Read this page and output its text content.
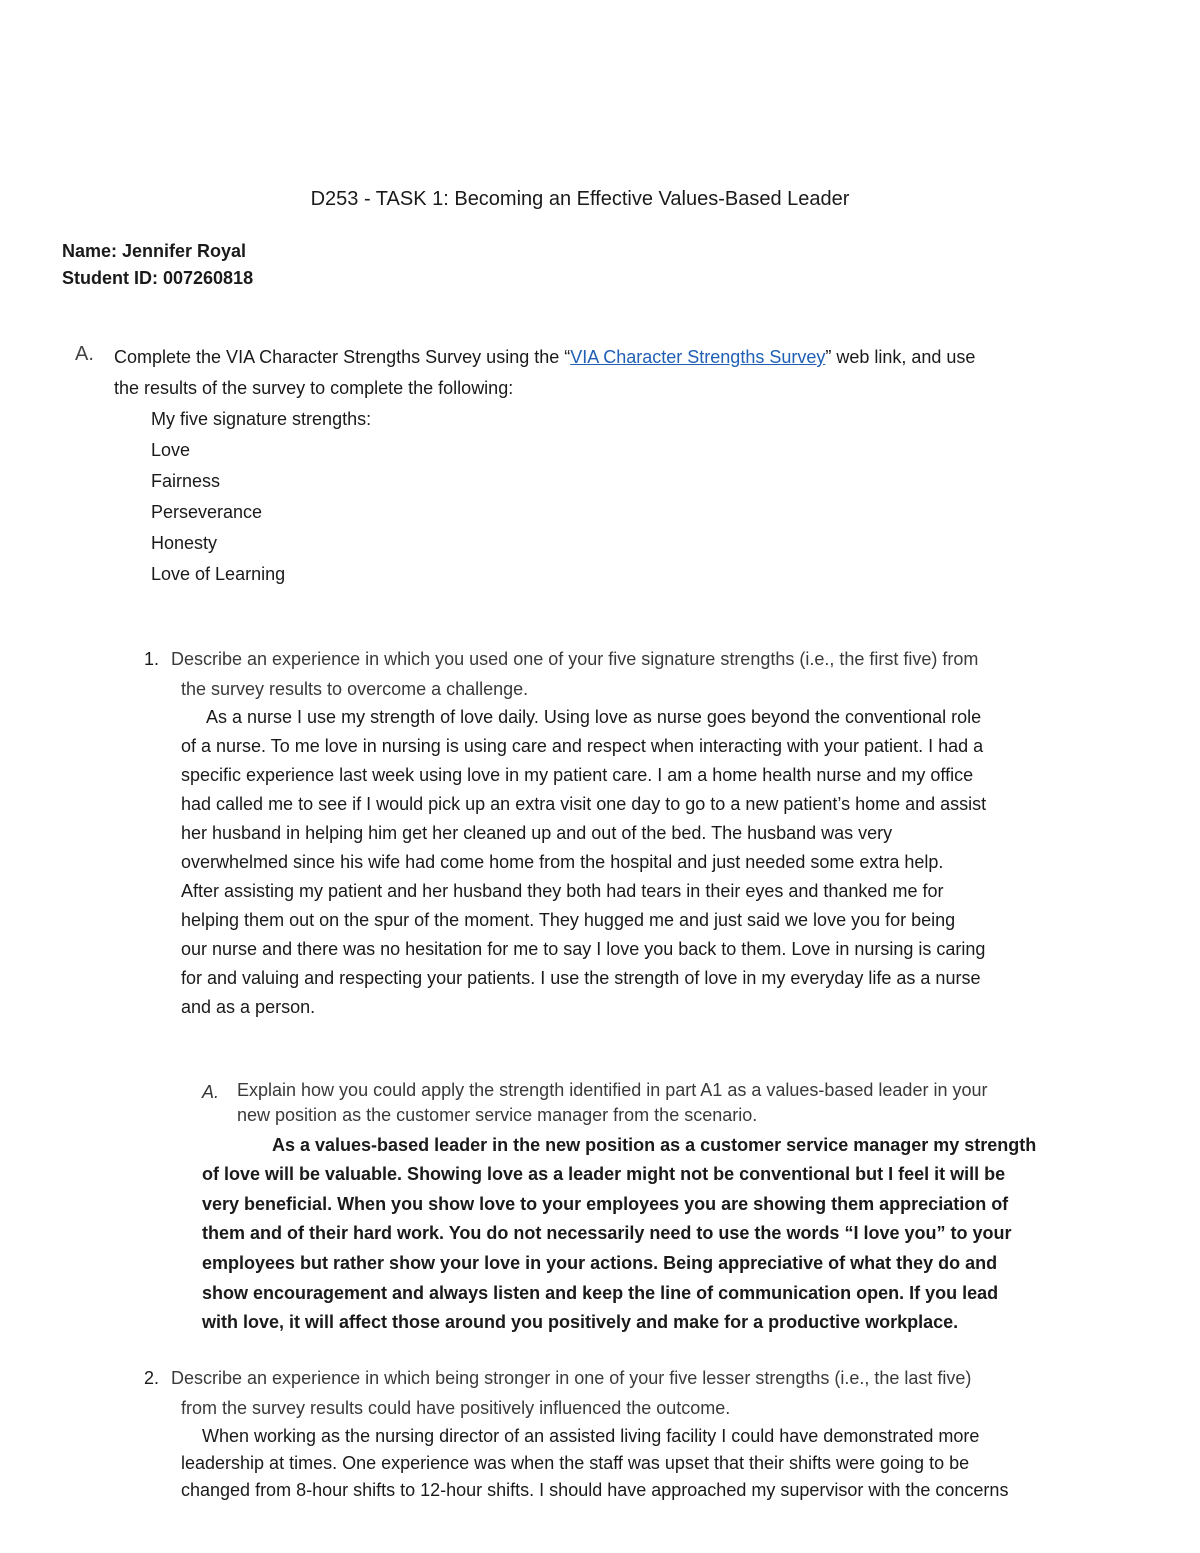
D253 - TASK 1: Becoming an Effective Values-Based Leader
Name: Jennifer Royal
Student ID: 007260818
A. Complete the VIA Character Strengths Survey using the “VIA Character Strengths Survey” web link, and use
the results of the survey to complete the following:
My five signature strengths:
Love
Fairness
Perseverance
Honesty
Love of Learning
1. Describe an experience in which you used one of your five signature strengths (i.e., the first five) from
the survey results to overcome a challenge.
As a nurse I use my strength of love daily. Using love as nurse goes beyond the conventional role
of a nurse. To me love in nursing is using care and respect when interacting with your patient. I had a
specific experience last week using love in my patient care. I am a home health nurse and my office
had called me to see if I would pick up an extra visit one day to go to a new patient’s home and assist
her husband in helping him get her cleaned up and out of the bed. The husband was very
overwhelmed since his wife had come home from the hospital and just needed some extra help.
After assisting my patient and her husband they both had tears in their eyes and thanked me for
helping them out on the spur of the moment. They hugged me and just said we love you for being
our nurse and there was no hesitation for me to say I love you back to them. Love in nursing is caring
for and valuing and respecting your patients. I use the strength of love in my everyday life as a nurse
and as a person.
A. Explain how you could apply the strength identified in part A1 as a values-based leader in your
new position as the customer service manager from the scenario.
As a values-based leader in the new position as a customer service manager my strength
of love will be valuable. Showing love as a leader might not be conventional but I feel it will be
very beneficial. When you show love to your employees you are showing them appreciation of
them and of their hard work. You do not necessarily need to use the words “I love you” to your
employees but rather show your love in your actions. Being appreciative of what they do and
show encouragement and always listen and keep the line of communication open. If you lead
with love, it will affect those around you positively and make for a productive workplace.
2. Describe an experience in which being stronger in one of your five lesser strengths (i.e., the last five)
from the survey results could have positively influenced the outcome.
When working as the nursing director of an assisted living facility I could have demonstrated more
leadership at times. One experience was when the staff was upset that their shifts were going to be
changed from 8-hour shifts to 12-hour shifts. I should have approached my supervisor with the concerns
